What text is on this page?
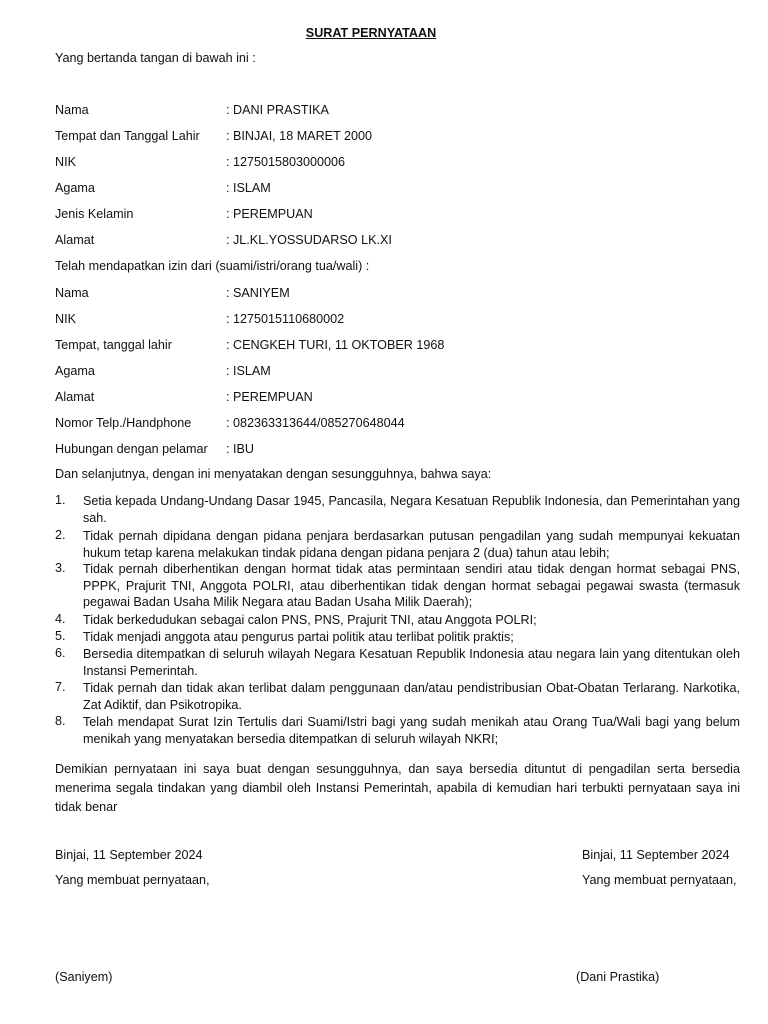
SURAT PERNYATAAN
Yang bertanda tangan di bawah ini :
Nama	: DANI PRASTIKA
Tempat dan Tanggal Lahir : BINJAI, 18 MARET 2000
NIK	: 1275015803000006
Agama	: ISLAM
Jenis Kelamin	: PEREMPUAN
Alamat	: JL.KL.YOSSUDARSO LK.XI
Telah mendapatkan izin dari (suami/istri/orang tua/wali) :
Nama	: SANIYEM
NIK	: 1275015110680002
Tempat, tanggal lahir	: CENGKEH TURI, 11 OKTOBER 1968
Agama	: ISLAM
Alamat	: PEREMPUAN
Nomor Telp./Handphone	: 082363313644/085270648044
Hubungan dengan pelamar : IBU
Dan selanjutnya, dengan ini menyatakan dengan sesungguhnya, bahwa saya:
1. Setia kepada Undang-Undang Dasar 1945, Pancasila, Negara Kesatuan Republik Indonesia, dan Pemerintahan yang sah.
2. Tidak pernah dipidana dengan pidana penjara berdasarkan putusan pengadilan yang sudah mempunyai kekuatan hukum tetap karena melakukan tindak pidana dengan pidana penjara 2 (dua) tahun atau lebih;
3. Tidak pernah diberhentikan dengan hormat tidak atas permintaan sendiri atau tidak dengan hormat sebagai PNS, PPPK, Prajurit TNI, Anggota POLRI, atau diberhentikan tidak dengan hormat sebagai pegawai swasta (termasuk pegawai Badan Usaha Milik Negara atau Badan Usaha Milik Daerah);
4. Tidak berkedudukan sebagai calon PNS, PNS, Prajurit TNI, atau Anggota POLRI;
5. Tidak menjadi anggota atau pengurus partai politik atau terlibat politik praktis;
6. Bersedia ditempatkan di seluruh wilayah Negara Kesatuan Republik Indonesia atau negara lain yang ditentukan oleh Instansi Pemerintah.
7. Tidak pernah dan tidak akan terlibat dalam penggunaan dan/atau pendistribusian Obat-Obatan Terlarang. Narkotika, Zat Adiktif, dan Psikotropika.
8. Telah mendapat Surat Izin Tertulis dari Suami/Istri bagi yang sudah menikah atau Orang Tua/Wali bagi yang belum menikah yang menyatakan bersedia ditempatkan di seluruh wilayah NKRI;
Demikian pernyataan ini saya buat dengan sesungguhnya, dan saya bersedia dituntut di pengadilan serta bersedia menerima segala tindakan yang diambil oleh Instansi Pemerintah, apabila di kemudian hari terbukti pernyataan saya ini tidak benar
Binjai, 11 September 2024
Yang membuat pernyataan,
(Saniyem)
Binjai, 11 September 2024
Yang membuat pernyataan,
(Dani Prastika)
